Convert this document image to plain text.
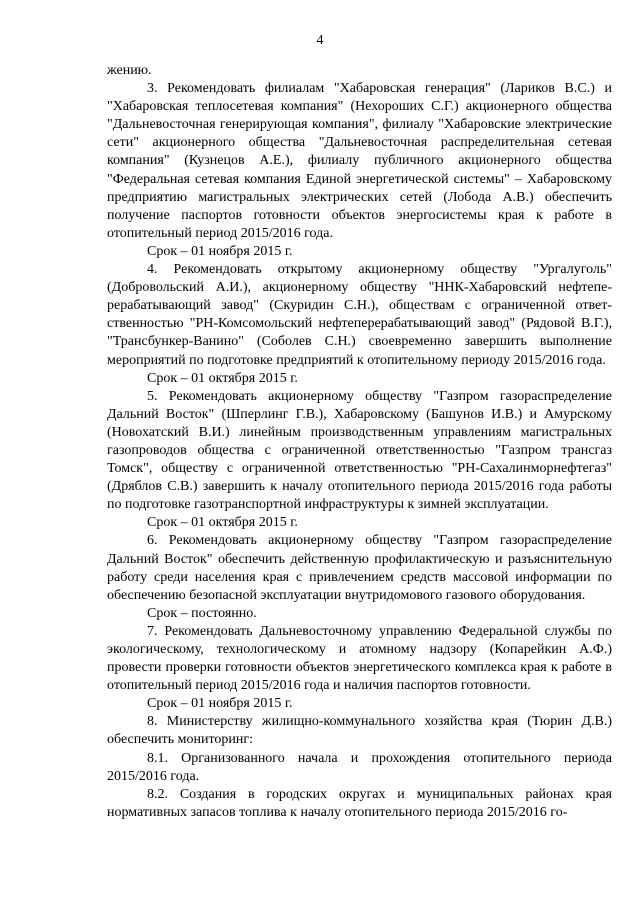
4

жению.

3. Рекомендовать филиалам "Хабаровская генерация" (Лариков В.С.) и "Хабаровская теплосетевая компания" (Нехороших С.Г.) акционерного общества "Дальневосточная генерирующая компания", филиалу "Хабаровские электрические сети" акционерного общества "Дальневосточная распределительная сетевая компания" (Кузнецов А.Е.), филиалу публичного акционерного общества "Федеральная сетевая компания Единой энергетической системы" – Хабаровскому предприятию магистральных электрических сетей (Лобода А.В.) обеспечить получение паспортов готовности объектов энергосистемы края к работе в отопительный период 2015/2016 года.

Срок – 01 ноября 2015 г.

4. Рекомендовать открытому акционерному обществу "Ургалуголь" (Добровольский А.И.), акционерному обществу "ННК-Хабаровский нефтеперерабатывающий завод" (Скуридин С.Н.), обществам с ограниченной ответственностью "РН-Комсомольский нефтеперерабатывающий завод" (Рядовой В.Г.), "Трансбункер-Ванино" (Соболев С.Н.) своевременно завершить выполнение мероприятий по подготовке предприятий к отопительному периоду 2015/2016 года.

Срок – 01 октября 2015 г.

5. Рекомендовать акционерному обществу "Газпром газораспределение Дальний Восток" (Шперлинг Г.В.), Хабаровскому (Башунов И.В.) и Амурскому (Новохатский В.И.) линейным производственным управлениям магистральных газопроводов общества с ограниченной ответственностью "Газпром трансгаз Томск", обществу с ограниченной ответственностью "РН-Сахалинморнефтегаз" (Дряблов С.В.) завершить к началу отопительного периода 2015/2016 года работы по подготовке газотранспортной инфраструктуры к зимней эксплуатации.

Срок – 01 октября 2015 г.

6. Рекомендовать акционерному обществу "Газпром газораспределение Дальний Восток" обеспечить действенную профилактическую и разъяснительную работу среди населения края с привлечением средств массовой информации по обеспечению безопасной эксплуатации внутридомового газового оборудования.

Срок – постоянно.

7. Рекомендовать Дальневосточному управлению Федеральной службы по экологическому, технологическому и атомному надзору (Копарейкин А.Ф.) провести проверки готовности объектов энергетического комплекса края к работе в отопительный период 2015/2016 года и наличия паспортов готовности.

Срок – 01 ноября 2015 г.

8. Министерству жилищно-коммунального хозяйства края (Тюрин Д.В.) обеспечить мониторинг:

8.1. Организованного начала и прохождения отопительного периода 2015/2016 года.

8.2. Создания в городских округах и муниципальных районах края нормативных запасов топлива к началу отопительного периода 2015/2016 го-
